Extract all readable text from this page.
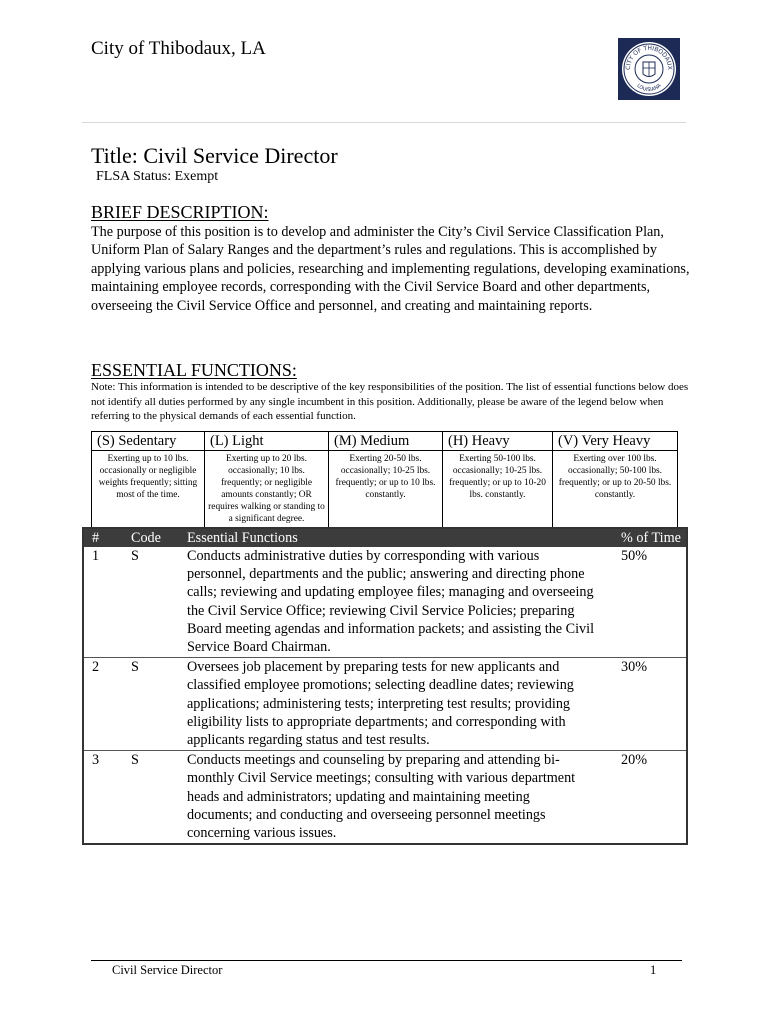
City of Thibodaux, LA
CITY OF THIBODAUX
LOUISIANA
Title: Civil Service Director
FLSA Status: Exempt
BRIEF DESCRIPTION:
The purpose of this position is to develop and administer the City’s Civil Service Classification Plan, Uniform Plan of Salary Ranges and the department’s rules and regulations. This is accomplished by applying various plans and policies, researching and implementing regulations, developing examinations, maintaining employee records, corresponding with the Civil Service Board and other departments, overseeing the Civil Service Office and personnel, and creating and maintaining reports.
ESSENTIAL FUNCTIONS:
Note: This information is intended to be descriptive of the key responsibilities of the position. The list of essential functions below does not identify all duties performed by any single incumbent in this position. Additionally, please be aware of the legend below when referring to the physical demands of each essential function.
(S) Sedentary	(L) Light	(M) Medium	(H) Heavy	(V) Very Heavy
Exerting up to 10 lbs. occasionally or negligible weights frequently; sitting most of the time.	Exerting up to 20 lbs. occasionally; 10 lbs. frequently; or negligible amounts constantly; OR requires walking or standing to a significant degree.	Exerting 20-50 lbs. occasionally; 10-25 lbs. frequently; or up to 10 lbs. constantly.	Exerting 50-100 lbs. occasionally; 10-25 lbs. frequently; or up to 10-20 lbs. constantly.	Exerting over 100 lbs. occasionally; 50-100 lbs. frequently; or up to 20-50 lbs. constantly.
#	Code	Essential Functions	% of Time
1	S	Conducts administrative duties by corresponding with various personnel, departments and the public; answering and directing phone calls; reviewing and updating employee files; managing and overseeing the Civil Service Office; reviewing Civil Service Policies; preparing Board meeting agendas and information packets; and assisting the Civil Service Board Chairman.	50%
2	S	Oversees job placement by preparing tests for new applicants and classified employee promotions; selecting deadline dates; reviewing applications; administering tests; interpreting test results; providing eligibility lists to appropriate departments; and corresponding with applicants regarding status and test results.	30%
3	S	Conducts meetings and counseling by preparing and attending bi-monthly Civil Service meetings; consulting with various department heads and administrators; updating and maintaining meeting documents; and conducting and overseeing personnel meetings concerning various issues.	20%
Civil Service Director	1
